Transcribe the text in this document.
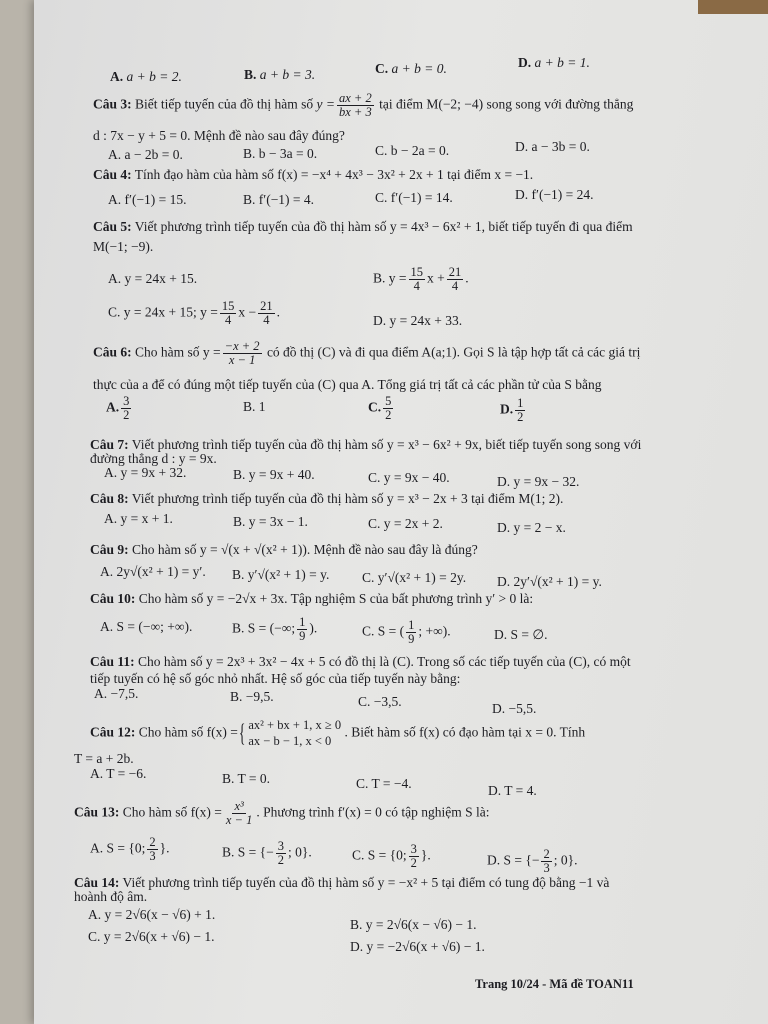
A. a + b = 2.	B. a + b = 3.	C. a + b = 0.	D. a + b = 1.
Câu 3: Biết tiếp tuyến của đồ thị hàm số $y = \frac{ax + 2}{bx + 3}$ tại điểm M(−2; −4) song song với đường thẳng
d : 7x − y + 5 = 0. Mệnh đề nào sau đây đúng?
A. a − 2b = 0.	B. b − 3a = 0.	C. b − 2a = 0.	D. a − 3b = 0.
Câu 4: Tính đạo hàm của hàm số f(x) = −x⁴ + 4x³ − 3x² + 2x + 1 tại điểm x = −1.
A. f′(−1) = 15.	B. f′(−1) = 4.	C. f′(−1) = 14.	D. f′(−1) = 24.
Câu 5: Viết phương trình tiếp tuyến của đồ thị hàm số y = 4x³ − 6x² + 1, biết tiếp tuyến đi qua điểm
M(−1; −9).
A. y = 24x + 15.	B. $y = \frac{15}{4}$ $x + \frac{21}{4}$ .
C. y = 24x + 15; $y = \frac{15}{4}$ $x - \frac{21}{4}$ .
D. y = 24x + 33.
Câu 6: Cho hàm số $y = \frac{-x + 2}{x - 1}$ có đồ thị (C) và đi qua điểm A(a;1). Gọi S là tập hợp tất cả các giá trị
thực của a để có đúng một tiếp tuyến của (C) qua A. Tổng giá trị tất cả các phần tử của S bằng
A. $\frac{3}{2}$	B. 1	C. $\frac{5}{2}$	D. $\frac{1}{2}$
Câu 7: Viết phương trình tiếp tuyến của đồ thị hàm số y = x³ − 6x² + 9x, biết tiếp tuyến song song với
đường thẳng d : y = 9x.
A. y = 9x + 32.	B. y = 9x + 40.	C. y = 9x − 40.	D. y = 9x − 32.
Câu 8: Viết phương trình tiếp tuyến của đồ thị hàm số y = x³ − 2x + 3 tại điểm M(1; 2).
A. y = x + 1.	B. y = 3x − 1.	C. y = 2x + 2.	D. y = 2 − x.
Câu 9: Cho hàm số y = √(x + √(x² + 1)). Mệnh đề nào sau đây là đúng?
A. 2y√(x² + 1) = y′. B. y′√(x² + 1) = y. C. y′√(x² + 1) = 2y. D. 2y′√(x² + 1) = y.
Câu 10: Cho hàm số y = −2√x + 3x. Tập nghiệm S của bất phương trình y′ > 0 là:
A. S = (−∞; +∞).	B. S = (−∞; $\frac{1}{9}$ ).	C. S = ( $\frac{1}{9}$ ; +∞).	D. S = ∅.
Câu 11: Cho hàm số y = 2x³ + 3x² − 4x + 5 có đồ thị là (C). Trong số các tiếp tuyến của (C), có một
tiếp tuyến có hệ số góc nhỏ nhất. Hệ số góc của tiếp tuyến này bằng:
A. −7,5.	B. −9,5.	C. −3,5.	D. −5,5.
Câu 12: Cho hàm số f(x) ={ ax² + bx + 1, x ≥ 0
ax − b − 1, x < 0
. Biết hàm số f(x) có đạo hàm tại x = 0. Tính
T = a + 2b.
A. T = −6.	B. T = 0.	C. T = −4.	D. T = 4.
Câu 13: Cho hàm số $f(x) = \frac{\text{x³}}{x - 1}$ . Phương trình f′(x) = 0 có tập nghiệm S là:
A. S = {0; $\frac{2}{3}$ }.	B. S = {− $\frac{3}{2}$ ; 0}.	C. S = {0; $\frac{3}{2}$ }.	D. S = {− $\frac{2}{3}$ ; 0}.
Câu 14: Viết phương trình tiếp tuyến của đồ thị hàm số y = −x² + 5 tại điểm có tung độ bằng −1 và
hoành độ âm.
A. y = 2√6(x − √6) + 1.
C. y = 2√6(x + √6) − 1.
B. y = 2√6(x − √6) − 1.
D. y = −2√6(x + √6) − 1.
Trang 10/24 - Mã đề TOAN11
